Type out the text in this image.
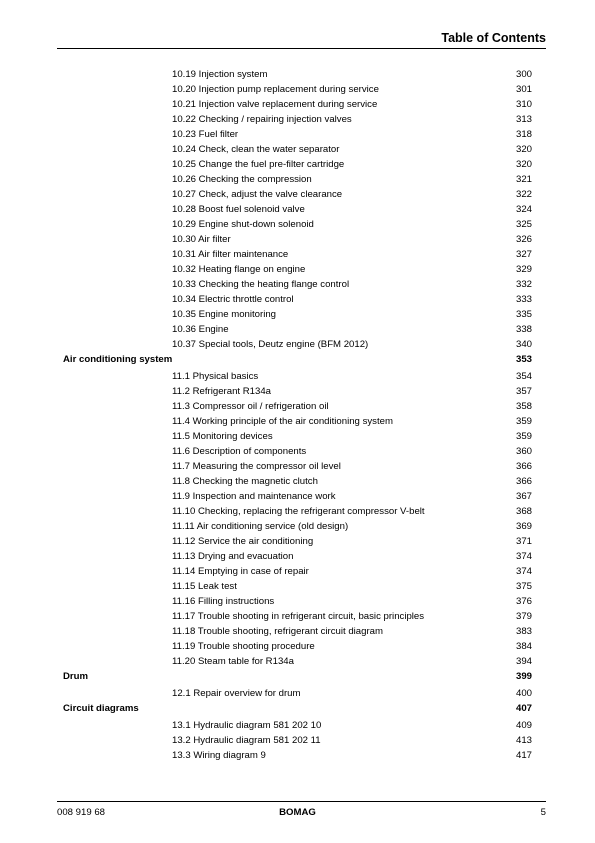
Table of Contents
10.19 Injection system	300
10.20 Injection pump replacement during service	301
10.21 Injection valve replacement during service	310
10.22 Checking / repairing injection valves	313
10.23 Fuel filter	318
10.24 Check, clean the water separator	320
10.25 Change the fuel pre-filter cartridge	320
10.26 Checking the compression	321
10.27 Check, adjust the valve clearance	322
10.28 Boost fuel solenoid valve	324
10.29 Engine shut-down solenoid	325
10.30 Air filter	326
10.31 Air filter maintenance	327
10.32 Heating flange on engine	329
10.33 Checking the heating flange control	332
10.34 Electric throttle control	333
10.35 Engine monitoring	335
10.36 Engine	338
10.37 Special tools, Deutz engine (BFM 2012)	340
Air conditioning system	353
11.1 Physical basics	354
11.2 Refrigerant R134a	357
11.3 Compressor oil / refrigeration oil	358
11.4 Working principle of the air conditioning system	359
11.5 Monitoring devices	359
11.6 Description of components	360
11.7 Measuring the compressor oil level	366
11.8 Checking the magnetic clutch	366
11.9 Inspection and maintenance work	367
11.10 Checking, replacing the refrigerant compressor V-belt	368
11.11 Air conditioning service (old design)	369
11.12 Service the air conditioning	371
11.13 Drying and evacuation	374
11.14 Emptying in case of repair	374
11.15 Leak test	375
11.16 Filling instructions	376
11.17 Trouble shooting in refrigerant circuit, basic principles	379
11.18 Trouble shooting, refrigerant circuit diagram	383
11.19 Trouble shooting procedure	384
11.20 Steam table for R134a	394
Drum	399
12.1 Repair overview for drum	400
Circuit diagrams	407
13.1 Hydraulic diagram 581 202 10	409
13.2 Hydraulic diagram 581 202 11	413
13.3 Wiring diagram 9	417
008 919 68	BOMAG	5
